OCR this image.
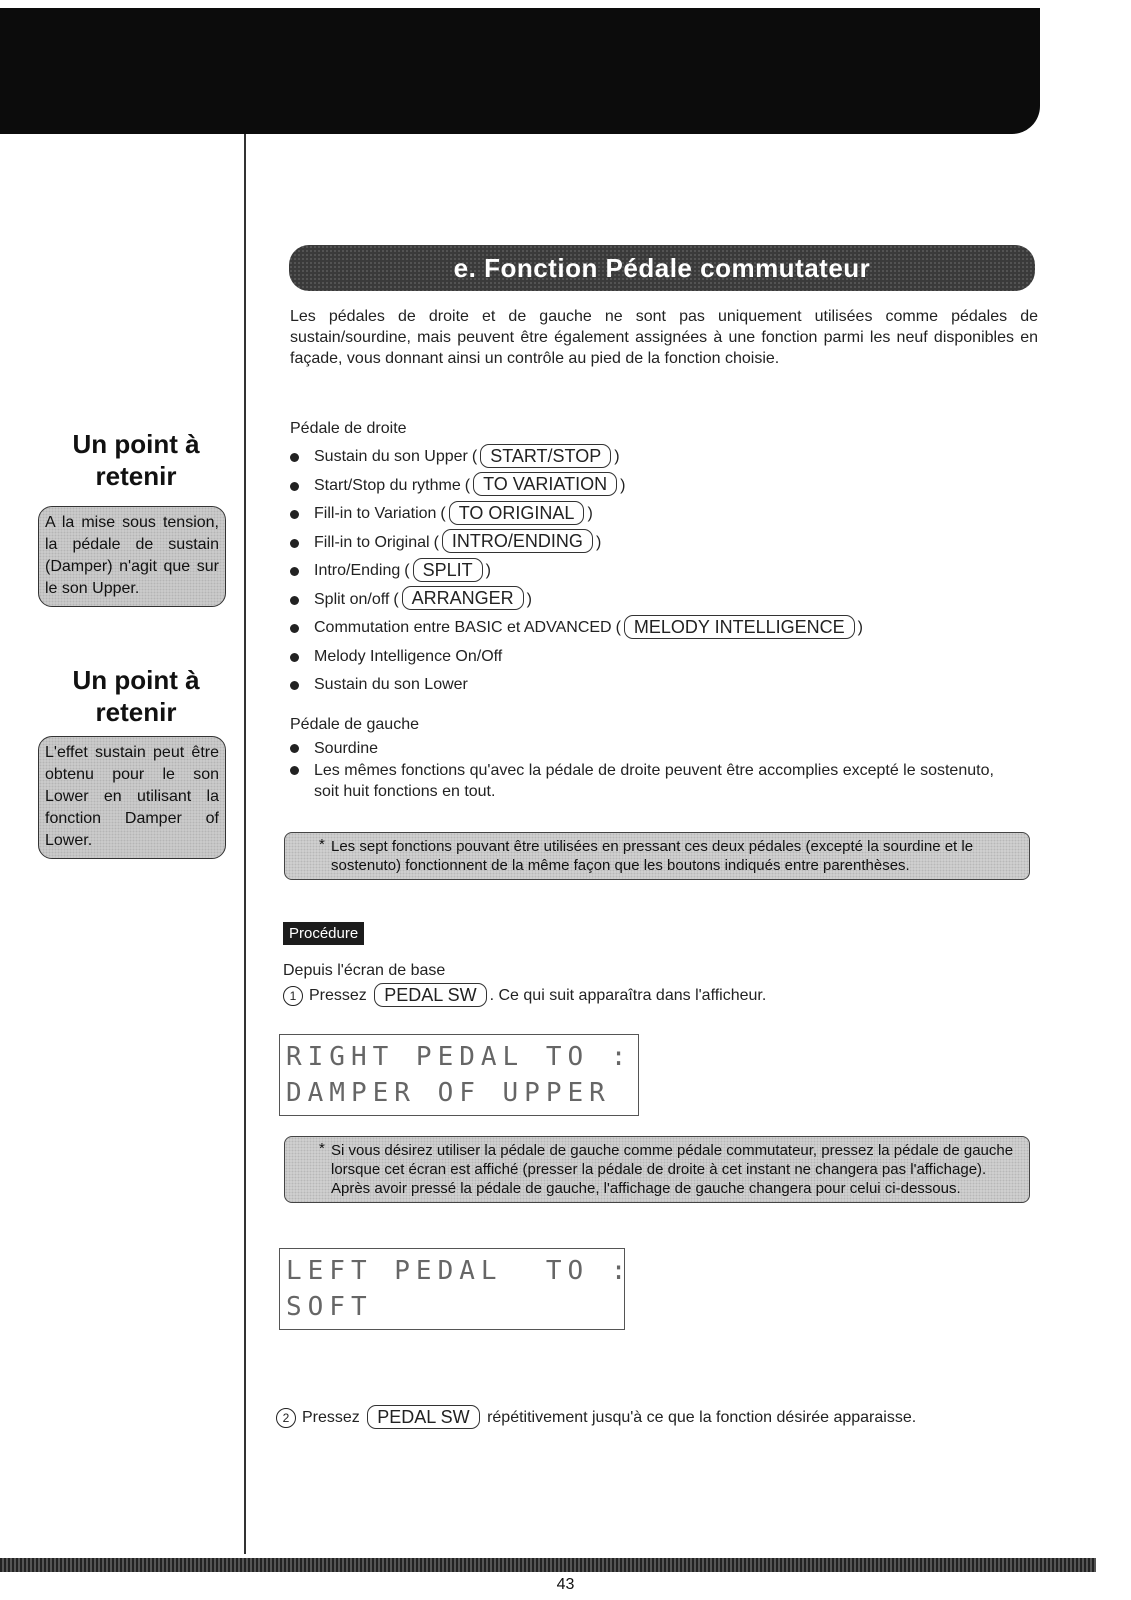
e. Fonction Pédale commutateur

Les pédales de droite et de gauche ne sont pas uniquement utilisées comme pédales de sustain/sourdine, mais peuvent être également assignées à une fonction parmi les neuf disponibles en façade, vous donnant ainsi un contrôle au pied de la fonction choisie.

Un point à retenir

A la mise sous tension, la pédale de sustain (Damper) n'agit que sur le son Upper.

Un point à retenir

L'effet sustain peut être obtenu pour le son Lower en utilisant la fonction Damper of Lower.

Pédale de droite

Sustain du son Upper ( START/STOP )
Start/Stop du rythme ( TO VARIATION )
Fill-in to Variation ( TO ORIGINAL )
Fill-in to Original ( INTRO/ENDING )
Intro/Ending ( SPLIT )
Split on/off ( ARRANGER )
Commutation entre BASIC et ADVANCED ( MELODY INTELLIGENCE )
Melody Intelligence On/Off
Sustain du son Lower

Pédale de gauche

Sourdine
Les mêmes fonctions qu'avec la pédale de droite peuvent être accomplies excepté le sostenuto, soit huit fonctions en tout.

* Les sept fonctions pouvant être utilisées en pressant ces deux pédales (excepté la sourdine et le sostenuto) fonctionnent de la même façon que les boutons indiqués entre parenthèses.

Procédure

Depuis l'écran de base

1 Pressez PEDAL SW . Ce qui suit apparaîtra dans l'afficheur.

RIGHT PEDAL TO :
DAMPER OF UPPER

* Si vous désirez utiliser la pédale de gauche comme pédale commutateur, pressez la pédale de gauche lorsque cet écran est affiché (presser la pédale de droite à cet instant ne changera pas l'affichage). Après avoir pressé la pédale de gauche, l'affichage de gauche changera pour celui ci-dessous.

LEFT PEDAL  TO :
SOFT

2 Pressez PEDAL SW répétitivement jusqu'à ce que la fonction désirée apparaisse.

43
